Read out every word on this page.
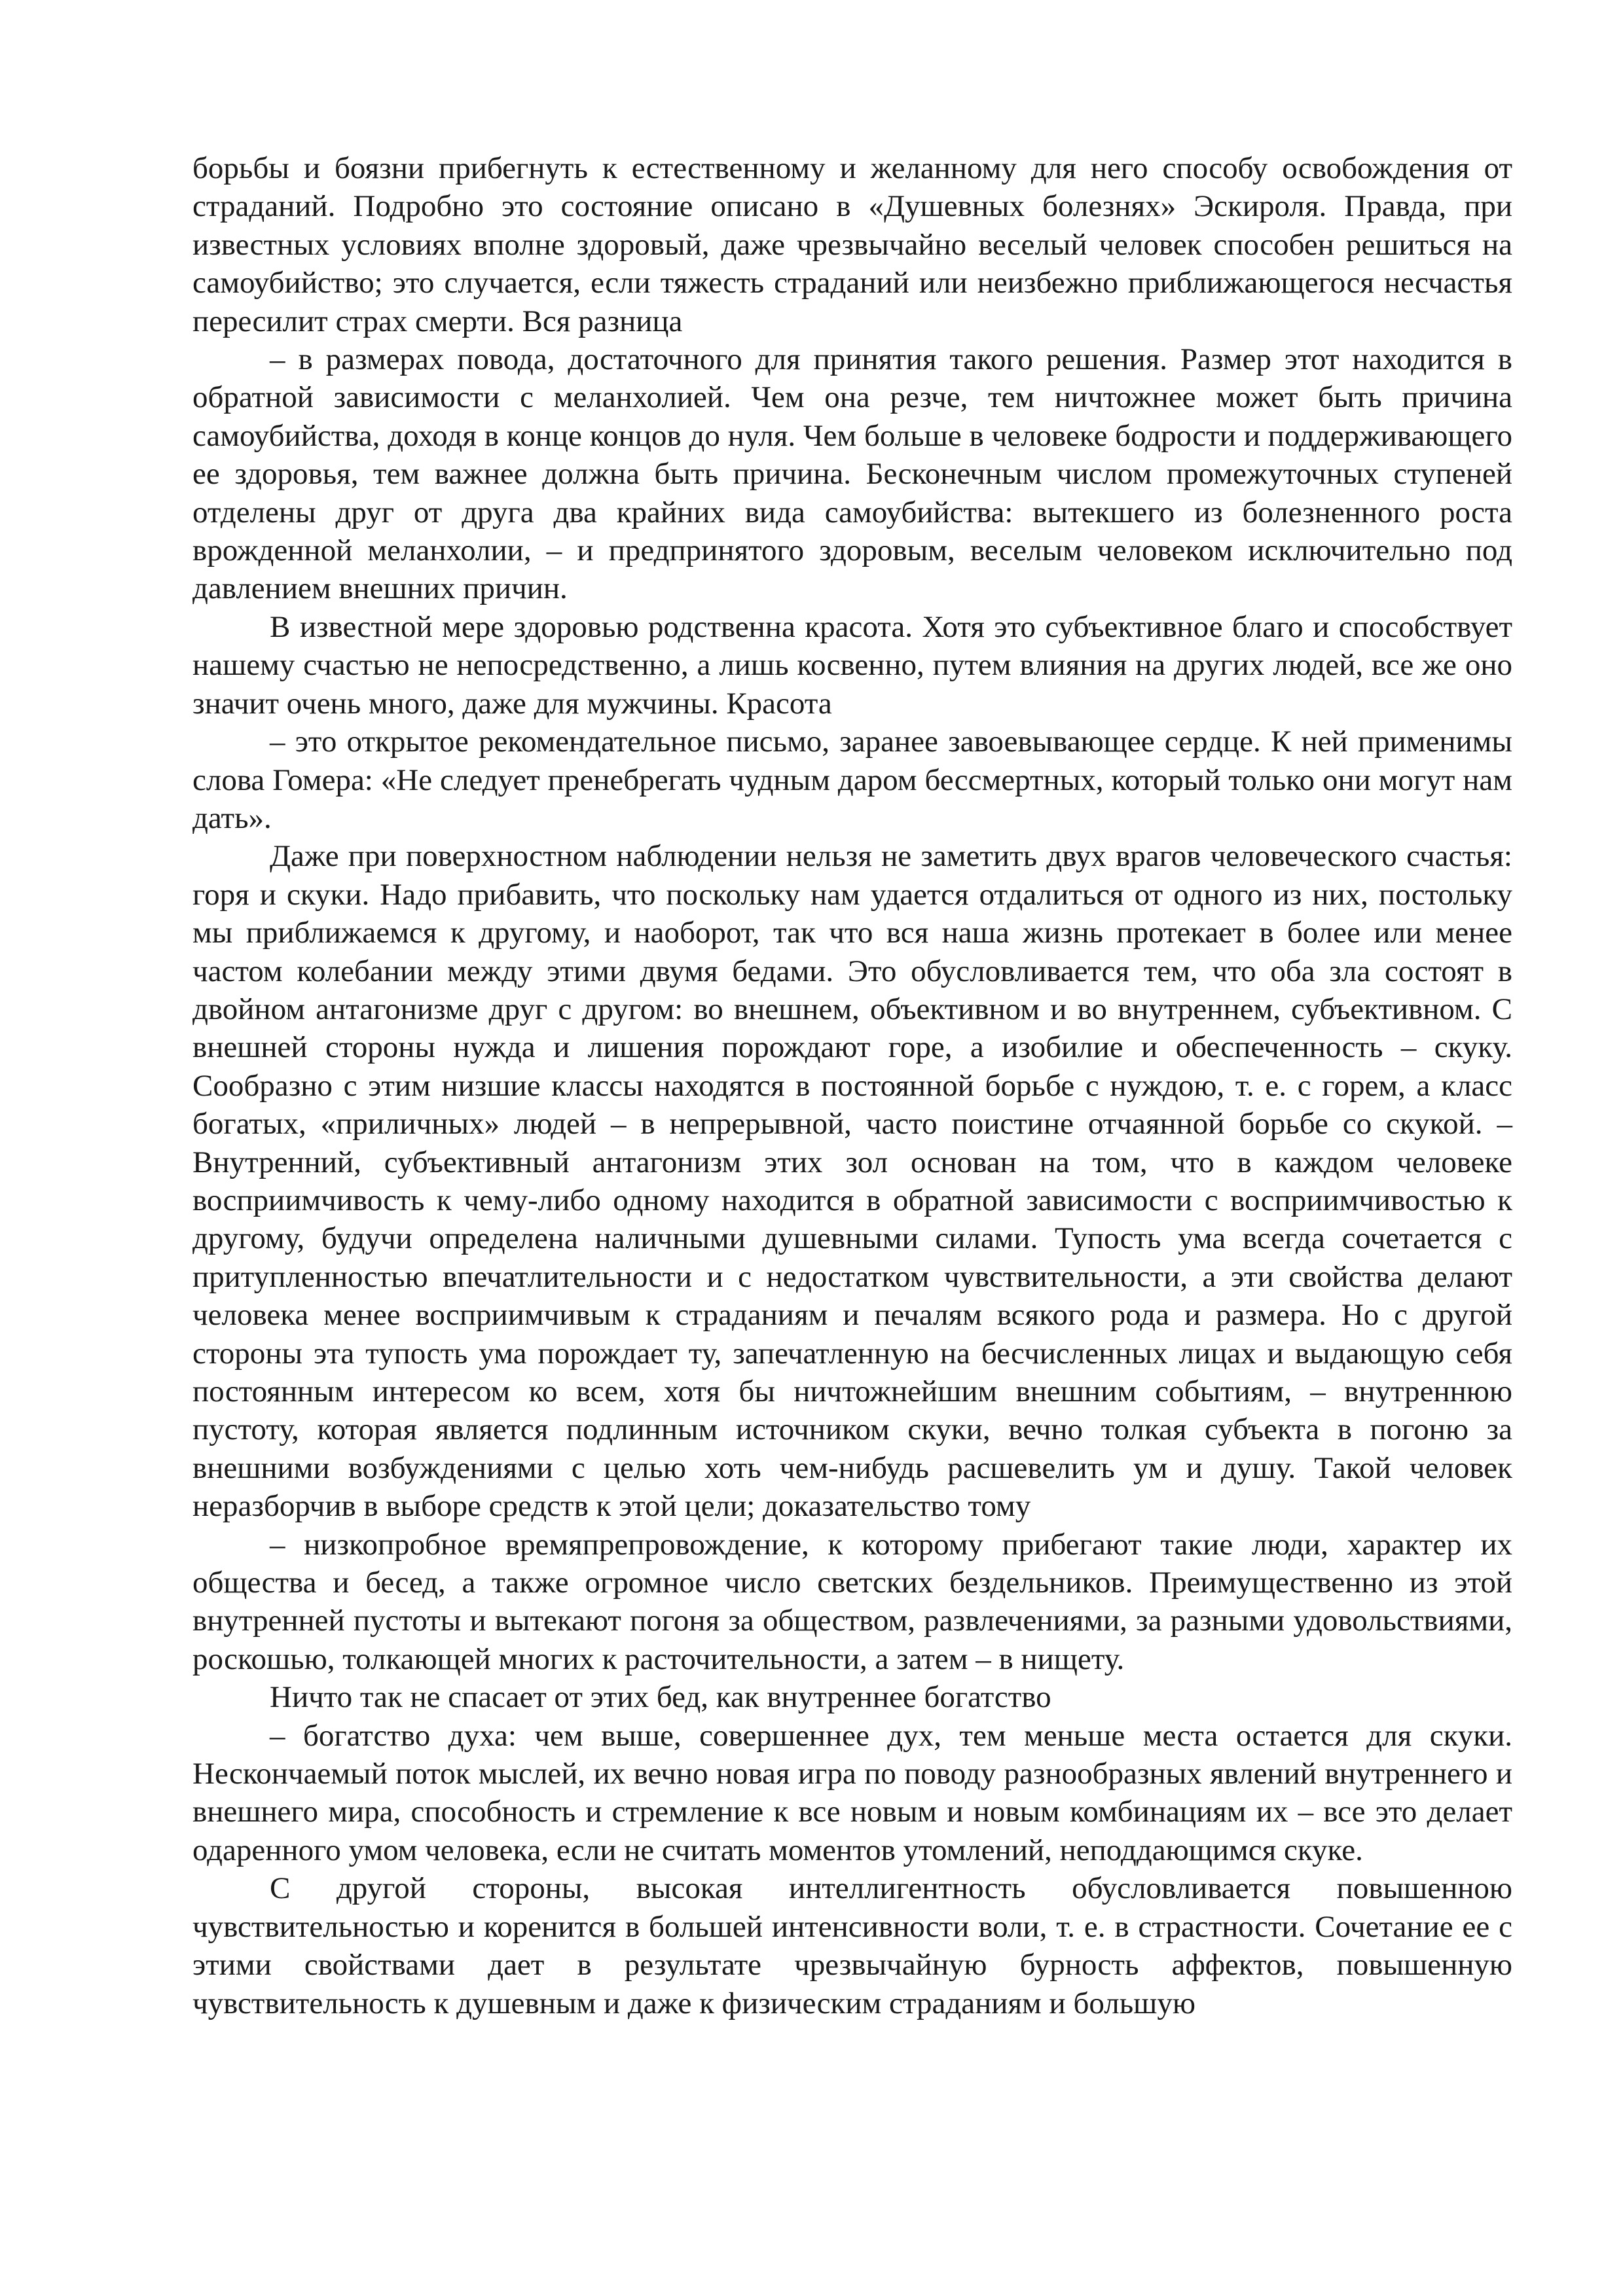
борьбы и боязни прибегнуть к естественному и желанному для него способу освобождения от страданий. Подробно это состояние описано в «Душевных болезнях» Эскироля. Правда, при известных условиях вполне здоровый, даже чрезвычайно веселый человек способен решиться на самоубийство; это случается, если тяжесть страданий или неизбежно приближающегося несчастья пересилит страх смерти. Вся разница

– в размерах повода, достаточного для принятия такого решения. Размер этот находится в обратной зависимости с меланхолией. Чем она резче, тем ничтожнее может быть причина самоубийства, доходя в конце концов до нуля. Чем больше в человеке бодрости и поддерживающего ее здоровья, тем важнее должна быть причина. Бесконечным числом промежуточных ступеней отделены друг от друга два крайних вида самоубийства: вытекшего из болезненного роста врожденной меланхолии, – и предпринятого здоровым, веселым человеком исключительно под давлением внешних причин.

В известной мере здоровью родственна красота. Хотя это субъективное благо и способствует нашему счастью не непосредственно, а лишь косвенно, путем влияния на других людей, все же оно значит очень много, даже для мужчины. Красота

– это открытое рекомендательное письмо, заранее завоевывающее сердце. К ней применимы слова Гомера: «Не следует пренебрегать чудным даром бессмертных, который только они могут нам дать».

Даже при поверхностном наблюдении нельзя не заметить двух врагов человеческого счастья: горя и скуки. Надо прибавить, что поскольку нам удается отдалиться от одного из них, постольку мы приближаемся к другому, и наоборот, так что вся наша жизнь протекает в более или менее частом колебании между этими двумя бедами. Это обусловливается тем, что оба зла состоят в двойном антагонизме друг с другом: во внешнем, объективном и во внутреннем, субъективном. С внешней стороны нужда и лишения порождают горе, а изобилие и обеспеченность – скуку. Сообразно с этим низшие классы находятся в постоянной борьбе с нуждою, т. е. с горем, а класс богатых, «приличных» людей – в непрерывной, часто поистине отчаянной борьбе со скукой. – Внутренний, субъективный антагонизм этих зол основан на том, что в каждом человеке восприимчивость к чему-либо одному находится в обратной зависимости с восприимчивостью к другому, будучи определена наличными душевными силами. Тупость ума всегда сочетается с притупленностью впечатлительности и с недостатком чувствительности, а эти свойства делают человека менее восприимчивым к страданиям и печалям всякого рода и размера. Но с другой стороны эта тупость ума порождает ту, запечатленную на бесчисленных лицах и выдающую себя постоянным интересом ко всем, хотя бы ничтожнейшим внешним событиям, – внутреннюю пустоту, которая является подлинным источником скуки, вечно толкая субъекта в погоню за внешними возбуждениями с целью хоть чем-нибудь расшевелить ум и душу. Такой человек неразборчив в выборе средств к этой цели; доказательство тому

– низкопробное времяпрепровождение, к которому прибегают такие люди, характер их общества и бесед, а также огромное число светских бездельников. Преимущественно из этой внутренней пустоты и вытекают погоня за обществом, развлечениями, за разными удовольствиями, роскошью, толкающей многих к расточительности, а затем – в нищету.

Ничто так не спасает от этих бед, как внутреннее богатство

– богатство духа: чем выше, совершеннее дух, тем меньше места остается для скуки. Нескончаемый поток мыслей, их вечно новая игра по поводу разнообразных явлений внутреннего и внешнего мира, способность и стремление к все новым и новым комбинациям их – все это делает одаренного умом человека, если не считать моментов утомлений, неподдающимся скуке.

С другой стороны, высокая интеллигентность обусловливается повышенною чувствительностью и коренится в большей интенсивности воли, т. е. в страстности. Сочетание ее с этими свойствами дает в результате чрезвычайную бурность аффектов, повышенную чувствительность к душевным и даже к физическим страданиям и большую
